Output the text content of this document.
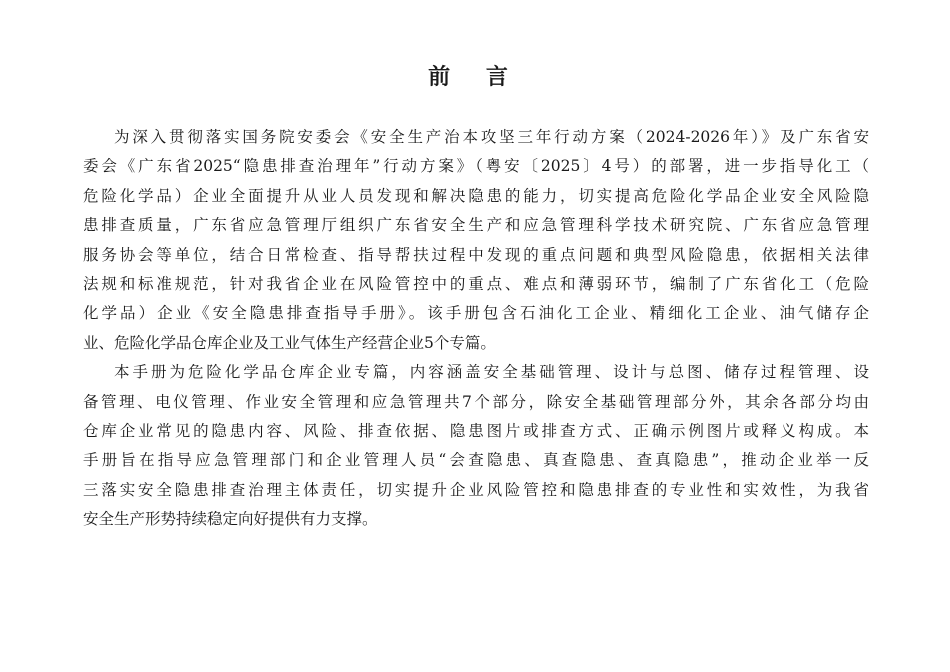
前 言
为深入贯彻落实国务院安委会《安全生产治本攻坚三年行动方案（2024-2026年）》及广东省安
委会《广东省2025“隐患排查治理年”行动方案》（粤安〔2025〕4号）的部署，进一步指导化工（
危险化学品）企业全面提升从业人员发现和解决隐患的能力，切实提高危险化学品企业安全风险隐
患排查质量，广东省应急管理厅组织广东省安全生产和应急管理科学技术研究院、广东省应急管理
服务协会等单位，结合日常检查、指导帮扶过程中发现的重点问题和典型风险隐患，依据相关法律
法规和标准规范，针对我省企业在风险管控中的重点、难点和薄弱环节，编制了广东省化工（危险
化学品）企业《安全隐患排查指导手册》。该手册包含石油化工企业、精细化工企业、油气储存企
业、危险化学品仓库企业及工业气体生产经营企业5个专篇。
本手册为危险化学品仓库企业专篇，内容涵盖安全基础管理、设计与总图、储存过程管理、设
备管理、电仪管理、作业安全管理和应急管理共7个部分，除安全基础管理部分外，其余各部分均由
仓库企业常见的隐患内容、风险、排查依据、隐患图片或排查方式、正确示例图片或释义构成。本
手册旨在指导应急管理部门和企业管理人员“会查隐患、真查隐患、查真隐患”，推动企业举一反
三落实安全隐患排查治理主体责任，切实提升企业风险管控和隐患排查的专业性和实效性，为我省
安全生产形势持续稳定向好提供有力支撑。
